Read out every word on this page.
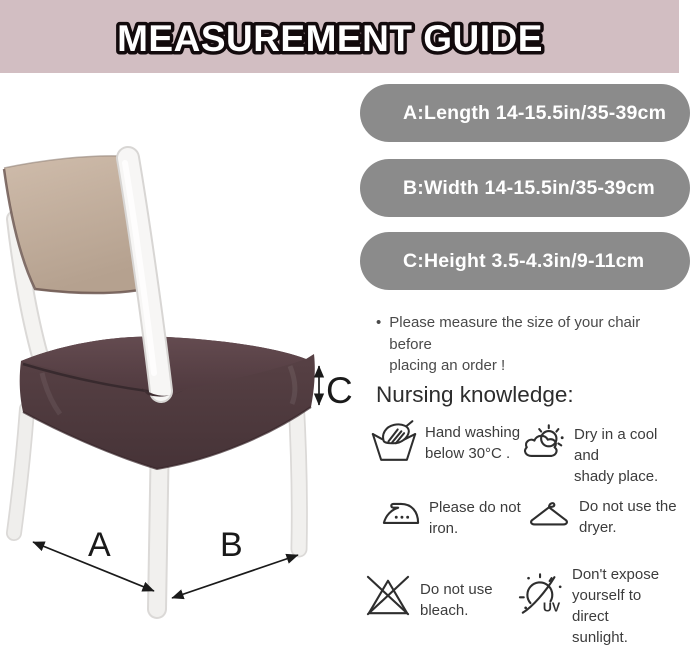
MEASUREMENT GUIDE
A	B
C
A:Length 14-15.5in/35-39cm
B:Width 14-15.5in/35-39cm
C:Height 3.5-4.3in/9-11cm
• Please measure the size of your chair before
placing an order !
Nursing knowledge:
Hand washing
below 30°C .
Dry in a cool and
shady place.
Please do not
iron.
Do not use the
dryer.
Do not use
bleach.	UV
Don't expose
yourself to direct
sunlight.
